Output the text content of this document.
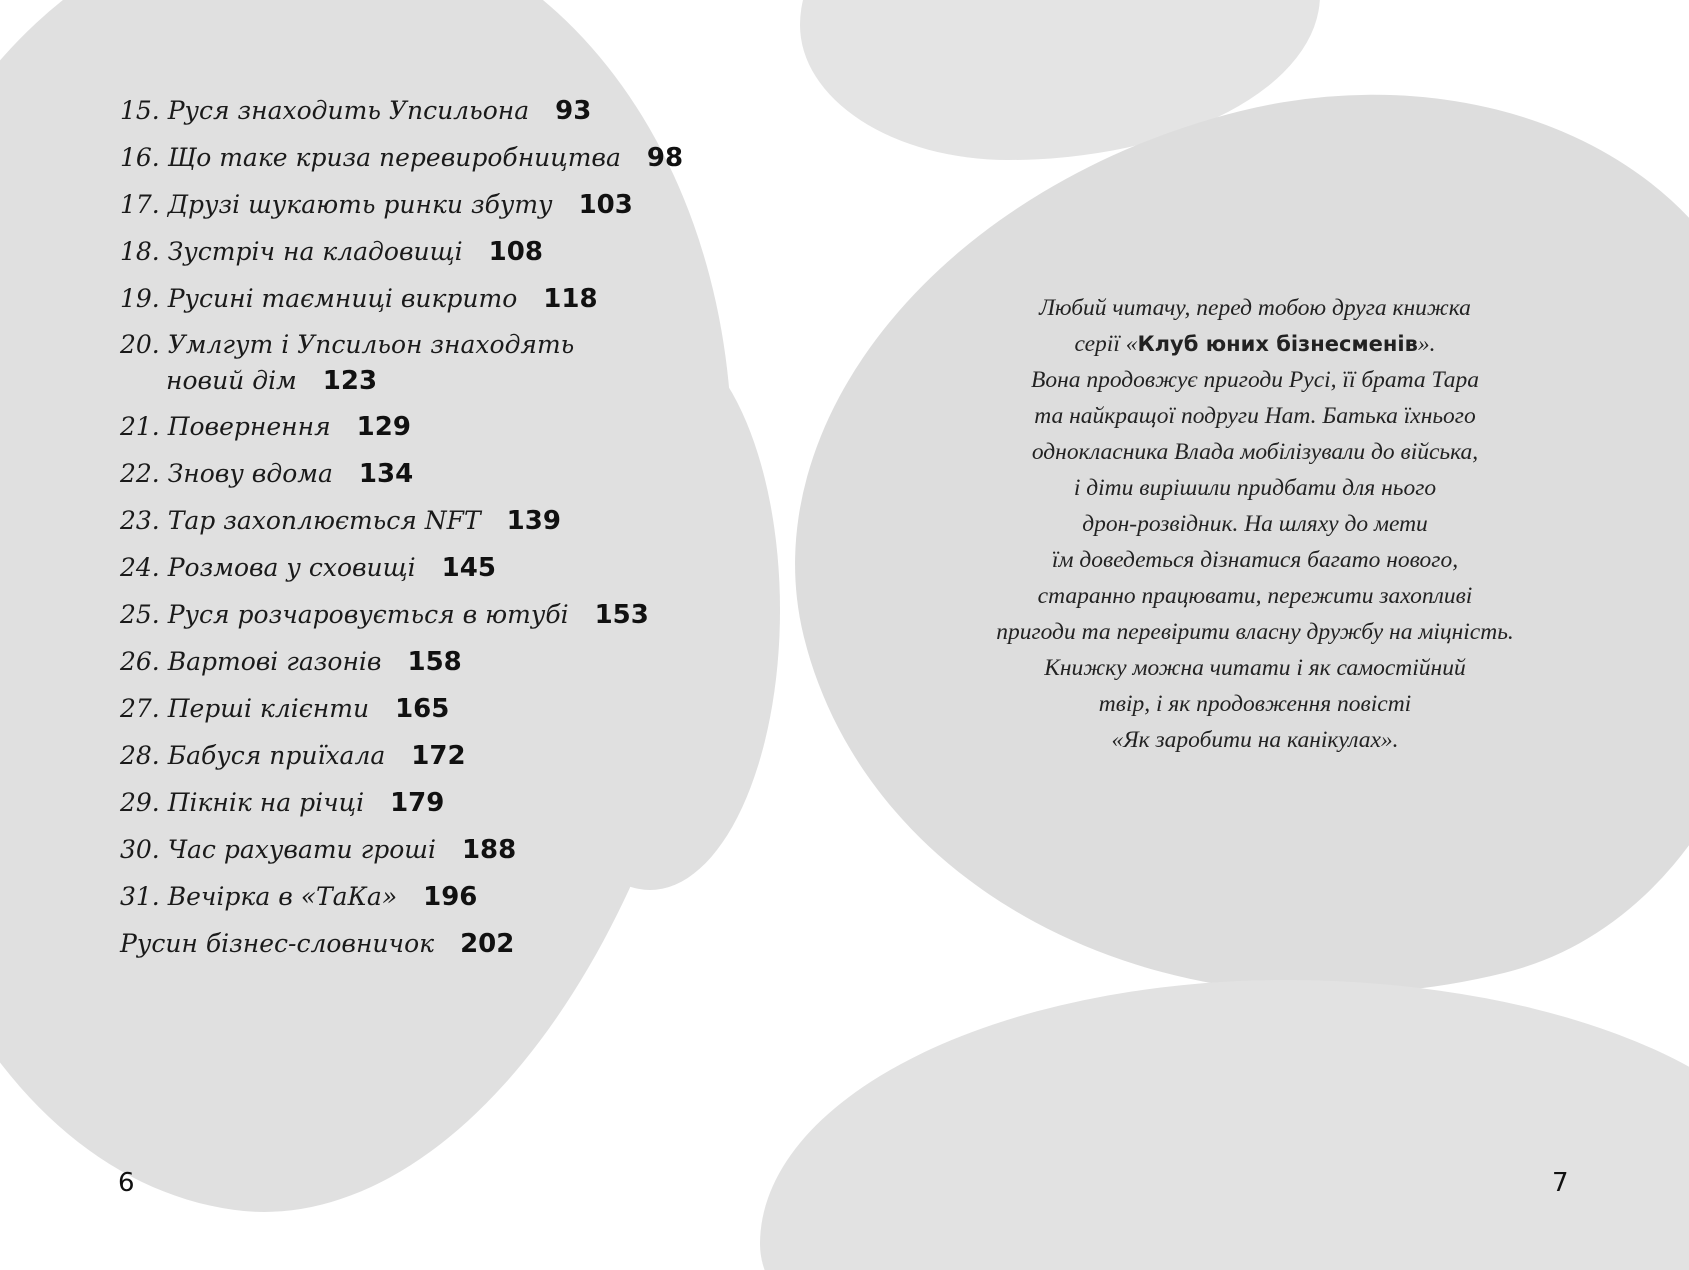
15. Руся знаходить Упсильона 93
16. Що таке криза перевиробництва 98
17. Друзі шукають ринки збуту 103
18. Зустріч на кладовищі 108
19. Русині таємниці викрито 118
20. Умлгут і Упсильон знаходять новий дім 123
21. Повернення 129
22. Знову вдома 134
23. Тар захоплюється NFT 139
24. Розмова у сховищі 145
25. Руся розчаровується в ютубі 153
26. Вартові газонів 158
27. Перші клієнти 165
28. Бабуся приїхала 172
29. Пікнік на річці 179
30. Час рахувати гроші 188
31. Вечірка в «ТаКа» 196
Русин бізнес-словничок 202
Любий читачу, перед тобою друга книжка
серії «Клуб юних бізнесменів».
Вона продовжує пригоди Русі, її брата Тара
та найкращої подруги Нат. Батька їхнього
однокласника Влада мобілізували до війська,
і діти вирішили придбати для нього
дрон-розвідник. На шляху до мети
їм доведеться дізнатися багато нового,
старанно працювати, пережити захопливі
пригоди та перевірити власну дружбу на міцність.
Книжку можна читати і як самостійний
твір, і як продовження повісті
«Як заробити на канікулах».
6	7
